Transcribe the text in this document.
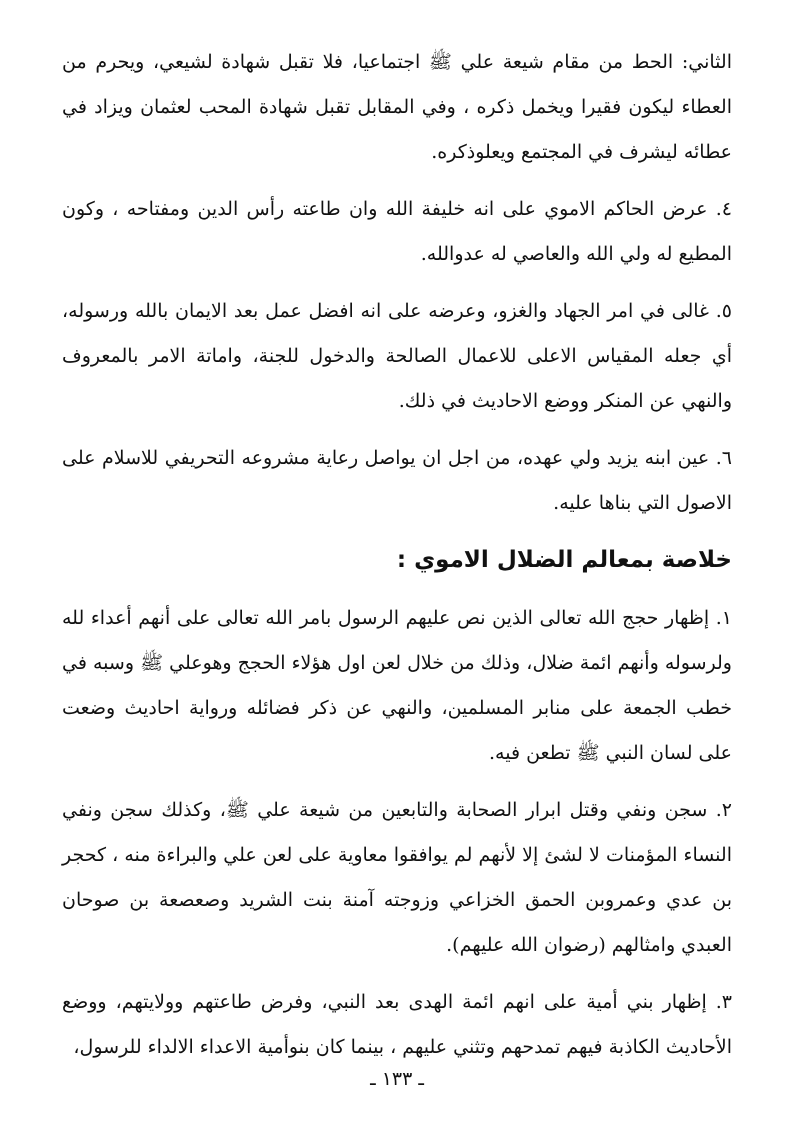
الثاني: الحط من مقام شيعة علي ﷺ اجتماعيا، فلا تقبل شهادة لشيعي، ويحرم من العطاء ليكون فقيرا ويخمل ذكره ، وفي المقابل تقبل شهادة المحب لعثمان ويزاد في عطائه ليشرف في المجتمع ويعلوذكره.

٤. عرض الحاكم الاموي على انه خليفة الله وان طاعته رأس الدين ومفتاحه ، وكون المطيع له ولي الله والعاصي له عدوالله.

٥. غالى في امر الجهاد والغزو، وعرضه على انه افضل عمل بعد الايمان بالله ورسوله، أي جعله المقياس الاعلى للاعمال الصالحة والدخول للجنة، واماتة الامر بالمعروف والنهي عن المنكر ووضع الاحاديث في ذلك.

٦. عين ابنه يزيد ولي عهده، من اجل ان يواصل رعاية مشروعه التحريفي للاسلام على الاصول التي بناها عليه.

خلاصة بمعالم الضلال الاموي :

١. إظهار حجج الله تعالى الذين نص عليهم الرسول بامر الله تعالى على أنهم أعداء لله ولرسوله وأنهم ائمة ضلال، وذلك من خلال لعن اول هؤلاء الحجج وهوعلي ﷺ وسبه في خطب الجمعة على منابر المسلمين، والنهي عن ذكر فضائله ورواية احاديث وضعت على لسان النبي ﷺ تطعن فيه.

٢. سجن ونفي وقتل ابرار الصحابة والتابعين من شيعة علي ﷺ، وكذلك سجن ونفي النساء المؤمنات لا لشئ إلا لأنهم لم يوافقوا معاوية على لعن علي والبراءة منه ، كحجر بن عدي وعمروبن الحمق الخزاعي وزوجته آمنة بنت الشريد وصعصعة بن صوحان العبدي وامثالهم (رضوان الله عليهم).

٣. إظهار بني أمية على انهم ائمة الهدى بعد النبي، وفرض طاعتهم وولايتهم، ووضع الأحاديث الكاذبة فيهم تمدحهم وتثني عليهم ، بينما كان بنوأمية الاعداء الالداء للرسول،

ـ ١٣٣ ـ
